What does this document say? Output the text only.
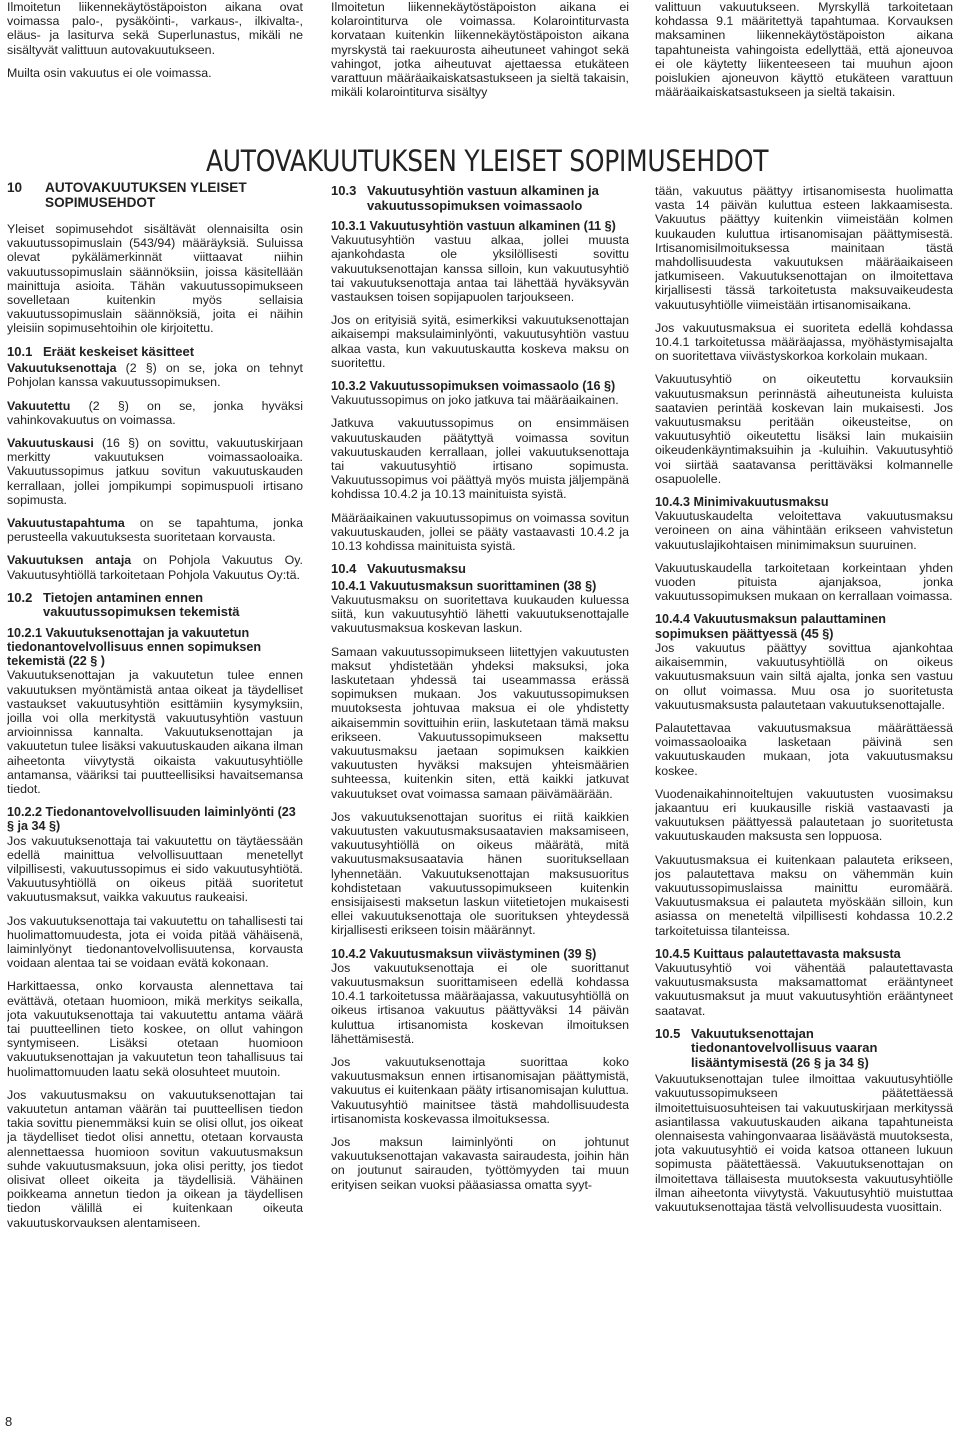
Ilmoitetun liikennekäytöstäpoiston aikana ovat voimassa palo-, pysäköinti-, varkaus-, ilkivalta-, eläus- ja lasiturva sekä Superlunastus, mikäli ne sisältyvät valittuun autovakuutukseen.

Muilta osin vakuutus ei ole voimassa.

Ilmoitetun liikennekäytöstäpoiston aikana ei kolarointiturva ole voimassa. Kolarointiturvasta korvataan kuitenkin liikennekäytöstäpoiston aikana myrskystä tai raekuurosta aiheutuneet vahingot sekä vahingot, jotka aiheutuvat ajettaessa etukäteen varattuun määräaikaiskatsastukseen ja sieltä takaisin, mikäli kolarointiturva sisältyy

valittuun vakuutukseen. Myrskyllä tarkoitetaan kohdassa 9.1 määritettyä tapahtumaa. Korvauksen maksaminen liikennekäytöstäpoiston aikana tapahtuneista vahingoista edellyttää, että ajoneuvoa ei ole käytetty liikenteeseen tai muuhun ajoon poislukien ajoneuvon käyttö etukäteen varattuun määräaikaiskatsastukseen ja sieltä takaisin.

AUTOVAKUUTUKSEN YLEISET SOPIMUSEHDOT
10	AUTOVAKUUTUKSEN YLEISET SOPIMUSEHDOT

Yleiset sopimusehdot sisältävät olennaisilta osin vakuutussopimuslain (543/94) määräyksiä. Suluissa olevat pykälämerkinnät viittaavat niihin vakuutussopimuslain säännöksiin, joissa käsitellään mainittuja asioita. Tähän vakuutussopimukseen sovelletaan kuitenkin myös sellaisia vakuutussopimuslain säännöksiä, joita ei näihin yleisiin sopimusehtoihin ole kirjoitettu.

10.1 Eräät keskeiset käsitteet

Vakuutuksenottaja (2 §) on se, joka on tehnyt Pohjolan kanssa vakuutussopimuksen.

Vakuutettu (2 §) on se, jonka hyväksi vahinkovakuutus on voimassa.

Vakuutuskausi (16 §) on sovittu, vakuutuskirjaan merkitty vakuutuksen voimassaoloaika. Vakuutussopimus jatkuu sovitun vakuutuskauden kerrallaan, jollei jompikumpi sopimuspuoli irtisano sopimusta.

Vakuutustapahtuma on se tapahtuma, jonka perusteella vakuutuksesta suoritetaan korvausta.

Vakuutuksen antaja on Pohjola Vakuutus Oy. Vakuutusyhtiöllä tarkoitetaan Pohjola Vakuutus Oy:tä.

10.2 Tietojen antaminen ennen vakuutussopimuksen tekemistä
10.2.1 Vakuutuksenottajan ja vakuutetun tiedonantovelvollisuus ennen sopimuksen tekemistä (22 § )

Vakuutuksenottajan ja vakuutetun tulee ennen vakuutuksen myöntämistä antaa oikeat ja täydelliset vastaukset vakuutusyhtiön esittämiin kysymyksiin, joilla voi olla merkitystä vakuutusyhtiön vastuun arvioinnissa kannalta. Vakuutuksenottajan ja vakuutetun tulee lisäksi vakuutuskauden aikana ilman aiheetonta viivytystä oikaista vakuutusyhtiölle antamansa, vääriksi tai puutteellisiksi havaitsemansa tiedot.

10.2.2 Tiedonantovelvollisuuden laiminlyönti (23 § ja 34 §)

Jos vakuutuksenottaja tai vakuutettu on täytäessään edellä mainittua velvollisuuttaan menetellyt vilpillisesti, vakuutussopimus ei sido vakuutusyhtiötä. Vakuutusyhtiöllä on oikeus pitää suoritetut vakuutusmaksut, vaikka vakuutus raukeaisi.

Jos vakuutuksenottaja tai vakuutettu on tahallisesti tai huolimattomuudesta, jota ei voida pitää vähäisenä, laiminlyönyt tiedonantovelvollisuutensa, korvausta voidaan alentaa tai se voidaan evätä kokonaan.

Harkittaessa, onko korvausta alennettava tai evättävä, otetaan huomioon, mikä merkitys seikalla, jota vakuutuksenottaja tai vakuutettu antama väärä tai puutteellinen tieto koskee, on ollut vahingon syntymiseen. Lisäksi otetaan huomioon vakuutuksenottajan ja vakuutetun teon tahallisuus tai huolimattomuuden laatu sekä olosuhteet muutoin.

Jos vakuutusmaksu on vakuutuksenottajan tai vakuutetun antaman väärän tai puutteellisen tiedon takia sovittu pienemmäksi kuin se olisi ollut, jos oikeat ja täydelliset tiedot olisi annettu, otetaan korvausta alennettaessa huomioon sovitun vakuutusmaksun suhde vakuutusmaksuun, joka olisi peritty, jos tiedot olisivat olleet oikeita ja täydellisiä. Vähäinen poikkeama annetun tiedon ja oikean ja täydellisen tiedon välillä ei kuitenkaan oikeuta vakuutuskorvauksen alentamiseen.

10.3 Vakuutusyhtiön vastuun alkaminen ja vakuutussopimuksen voimassaolo
10.3.1 Vakuutusyhtiön vastuun alkaminen (11 §)

Vakuutusyhtiön vastuu alkaa, jollei muusta ajankohdasta ole yksilöllisesti sovittu vakuutuksenottajan kanssa silloin, kun vakuutusyhtiö tai vakuutuksenottaja antaa tai lähettää hyväksyvän vastauksen toisen sopijapuolen tarjoukseen.

Jos on erityisiä syitä, esimerkiksi vakuutuksenottajan aikaisempi maksulaiminlyönti, vakuutusyhtiön vastuu alkaa vasta, kun vakuutuskautta koskeva maksu on suoritettu.

10.3.2 Vakuutussopimuksen voimassaolo (16 §)

Vakuutussopimus on joko jatkuva tai määräaikainen.

Jatkuva vakuutussopimus on ensimmäisen vakuutuskauden päätyttyä voimassa sovitun vakuutuskauden kerrallaan, jollei vakuutuksenottaja tai vakuutusyhtiö irtisano sopimusta. Vakuutussopimus voi päättyä myös muista jäljempänä kohdissa 10.4.2 ja 10.13 mainituista syistä.

Määräaikainen vakuutussopimus on voimassa sovitun vakuutuskauden, jollei se pääty vastaavasti 10.4.2 ja 10.13 kohdissa mainituista syistä.

10.4 Vakuutusmaksu
10.4.1 Vakuutusmaksun suorittaminen (38 §)

Vakuutusmaksu on suoritettava kuukauden kuluessa siitä, kun vakuutusyhtiö lähetti vakuutuksenottajalle vakuutusmaksua koskevan laskun.

Samaan vakuutussopimukseen liitettyjen vakuutusten maksut yhdistetään yhdeksi maksuksi, joka laskutetaan yhdessä tai useammassa erässä sopimuksen mukaan. Jos vakuutussopimuksen muutoksesta johtuvaa maksua ei ole yhdistetty aikaisemmin sovittuihin eriin, laskutetaan tämä maksu erikseen. Vakuutussopimukseen maksettu vakuutusmaksu jaetaan sopimuksen kaikkien vakuutusten hyväksi maksujen yhteismäärien suhteessa, kuitenkin siten, että kaikki jatkuvat vakuutukset ovat voimassa samaan päivämäärään.

Jos vakuutuksenottajan suoritus ei riitä kaikkien vakuutusten vakuutusmaksusaatavien maksamiseen, vakuutusyhtiöllä on oikeus määrätä, mitä vakuutusmaksusaatavia hänen suorituksellaan lyhennetään. Vakuutuksenottajan maksusuoritus kohdistetaan vakuutussopimukseen kuitenkin ensisijaisesti maksetun laskun viitetietojen mukaisesti ellei vakuutuksenottaja ole suorituksen yhteydessä kirjallisesti erikseen toisin määrännyt.

10.4.2 Vakuutusmaksun viivästyminen (39 §)

Jos vakuutuksenottaja ei ole suorittanut vakuutusmaksun suorittamiseen edellä kohdassa 10.4.1 tarkoitetussa määräajassa, vakuutusyhtiöllä on oikeus irtisanoa vakuutus päättyväksi 14 päivän kuluttua irtisanomista koskevan ilmoituksen lähettämisestä.

Jos vakuutuksenottaja suorittaa koko vakuutusmaksun ennen irtisanomisajan päättymistä, vakuutus ei kuitenkaan pääty irtisanomisajan kuluttua. Vakuutusyhtiö mainitsee tästä mahdollisuudesta irtisanomista koskevassa ilmoituksessa.

Jos maksun laiminlyönti on johtunut vakuutuksenottajan vakavasta sairaudesta, joihin hän on joutunut sairauden, työttömyyden tai muun erityisen seikan vuoksi pääasiassa omatta syyt-

tään, vakuutus päättyy irtisanomisesta huolimatta vasta 14 päivän kuluttua esteen lakkaamisesta. Vakuutus päättyy kuitenkin viimeistään kolmen kuukauden kuluttua irtisanomisajan päättymisestä. Irtisanomisilmoituksessa mainitaan tästä mahdollisuudesta vakuutuksen määräaikaiseen jatkumiseen. Vakuutuksenottajan on ilmoitettava kirjallisesti tässä tarkoitetusta maksuvaikeudesta vakuutusyhtiölle viimeistään irtisanomisaikana.

Jos vakuutusmaksua ei suoriteta edellä kohdassa 10.4.1 tarkoitetussa määräajassa, myöhästymisajalta on suoritettava viivästyskorkoa korkolain mukaan.

Vakuutusyhtiö on oikeutettu korvauksiin vakuutusmaksun perinnästä aiheutuneista kuluista saatavien perintää koskevan lain mukaisesti. Jos vakuutusmaksu peritään oikeusteitse, on vakuutusyhtiö oikeutettu lisäksi lain mukaisiin oikeudenkäyntimaksuihin ja -kuluihin. Vakuutusyhtiö voi siirtää saatavansa perittäväksi kolmannelle osapuolelle.

10.4.3 Minimivakuutusmaksu

Vakuutuskaudelta veloitettava vakuutusmaksu veroineen on aina vähintään erikseen vahvistetun vakuutuslajikohtaisen minimimaksun suuruinen.

Vakuutuskaudella tarkoitetaan korkeintaan yhden vuoden pituista ajanjaksoa, jonka vakuutussopimuksen mukaan on kerrallaan voimassa.

10.4.4 Vakuutusmaksun palauttaminen sopimuksen päättyessä (45 §)

Jos vakuutus päättyy sovittua ajankohtaa aikaisemmin, vakuutusyhtiöllä on oikeus vakuutusmaksuun vain siltä ajalta, jonka sen vastuu on ollut voimassa. Muu osa jo suoritetusta vakuutusmaksusta palautetaan vakuutuksenottajalle.

Palautettavaa vakuutusmaksua määrättäessä voimassaoloaika lasketaan päivinä sen vakuutuskauden mukaan, jota vakuutusmaksu koskee.

Vuodenaikahinnoiteltujen vakuutusten vuosimaksu jakaantuu eri kuukausille riskiä vastaavasti ja vakuutuksen päättyessä palautetaan jo suoritetusta vakuutuskauden maksusta sen loppuosa.

Vakuutusmaksua ei kuitenkaan palauteta erikseen, jos palautettava maksu on vähemmän kuin vakuutussopimuslaissa mainittu euromäärä. Vakuutusmaksua ei palauteta myöskään silloin, kun asiassa on meneteltä vilpillisesti kohdassa 10.2.2 tarkoitetuissa tilanteissa.

10.4.5 Kuittaus palautettavasta maksusta

Vakuutusyhtiö voi vähentää palautettavasta vakuutusmaksusta maksamattomat erääntyneet vakuutusmaksut ja muut vakuutusyhtiön erääntyneet saatavat.

10.5 Vakuutuksenottajan tiedonantovelvollisuus vaaran lisääntymisestä (26 § ja 34 §)

Vakuutuksenottajan tulee ilmoittaa vakuutusyhtiölle vakuutussopimukseen päätettäessä ilmoitettuisuosuhteisen tai vakuutuskirjaan merkityssä asiantilassa vakuutuskauden aikana tapahtuneista olennaisesta vahingonvaaraa lisäävästä muutoksesta, jota vakuutusyhtiö ei voida katsoa ottaneen lukuun sopimusta päätettäessä. Vakuutuksenottajan on ilmoitettava tällaisesta muutoksesta vakuutusyhtiölle ilman aiheetonta viivytystä. Vakuutusyhtiö muistuttaa vakuutuksenottajaa tästä velvollisuudesta vuosittain.

8
